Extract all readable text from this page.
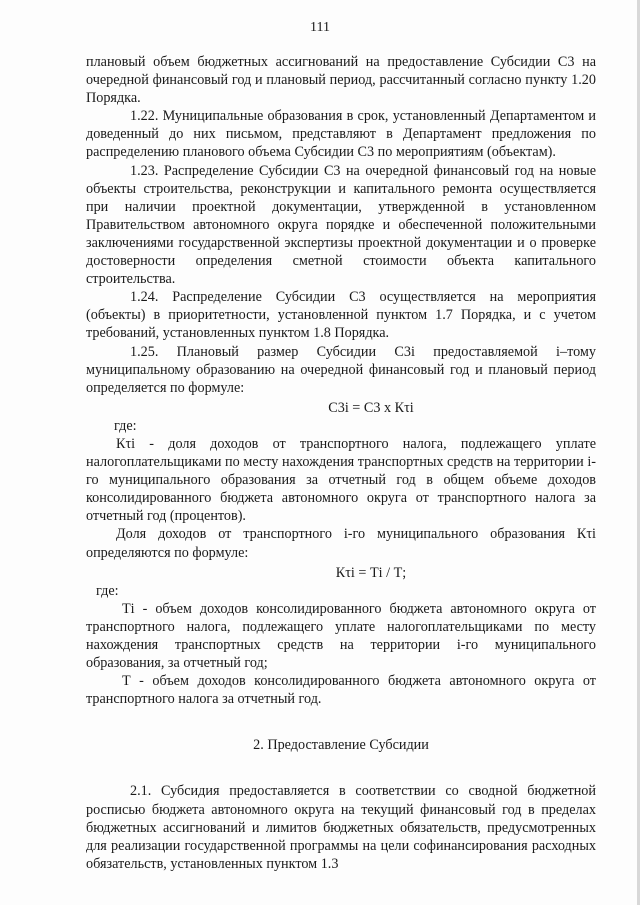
111

плановый объем бюджетных ассигнований на предоставление Субсидии С3 на очередной финансовый год и плановый период, рассчитанный согласно пункту 1.20 Порядка.

1.22. Муниципальные образования в срок, установленный Департаментом и доведенный до них письмом, представляют в Департамент предложения по распределению планового объема Субсидии С3 по мероприятиям (объектам).

1.23. Распределение Субсидии С3 на очередной финансовый год на новые объекты строительства, реконструкции и капитального ремонта осуществляется при наличии проектной документации, утвержденной в установленном Правительством автономного округа порядке и обеспеченной положительными заключениями государственной экспертизы проектной документации и о проверке достоверности определения сметной стоимости объекта капитального строительства.

1.24. Распределение Субсидии С3 осуществляется на мероприятия (объекты) в приоритетности, установленной пунктом 1.7 Порядка, и с учетом требований, установленных пунктом 1.8 Порядка.

1.25. Плановый размер Субсидии С3i предоставляемой i–тому муниципальному образованию на очередной финансовый год и плановый период определяется по формуле:

С3i = С3 х Кτi

где:

Кτi - доля доходов от транспортного налога, подлежащего уплате налогоплательщиками по месту нахождения транспортных средств на территории i-го муниципального образования за отчетный год в общем объеме доходов консолидированного бюджета автономного округа от транспортного налога за отчетный год (процентов).

Доля доходов от транспортного i-го муниципального образования Кτi определяются по формуле:

Кτi = Тi / Т;

где:

Тi - объем доходов консолидированного бюджета автономного округа от транспортного налога, подлежащего уплате налогоплательщиками по месту нахождения транспортных средств на территории i-го муниципального образования, за отчетный год;

Т - объем доходов консолидированного бюджета автономного округа от транспортного налога за отчетный год.

2. Предоставление Субсидии

2.1. Субсидия предоставляется в соответствии со сводной бюджетной росписью бюджета автономного округа на текущий финансовый год в пределах бюджетных ассигнований и лимитов бюджетных обязательств, предусмотренных для реализации государственной программы на цели софинансирования расходных обязательств, установленных пунктом 1.3
